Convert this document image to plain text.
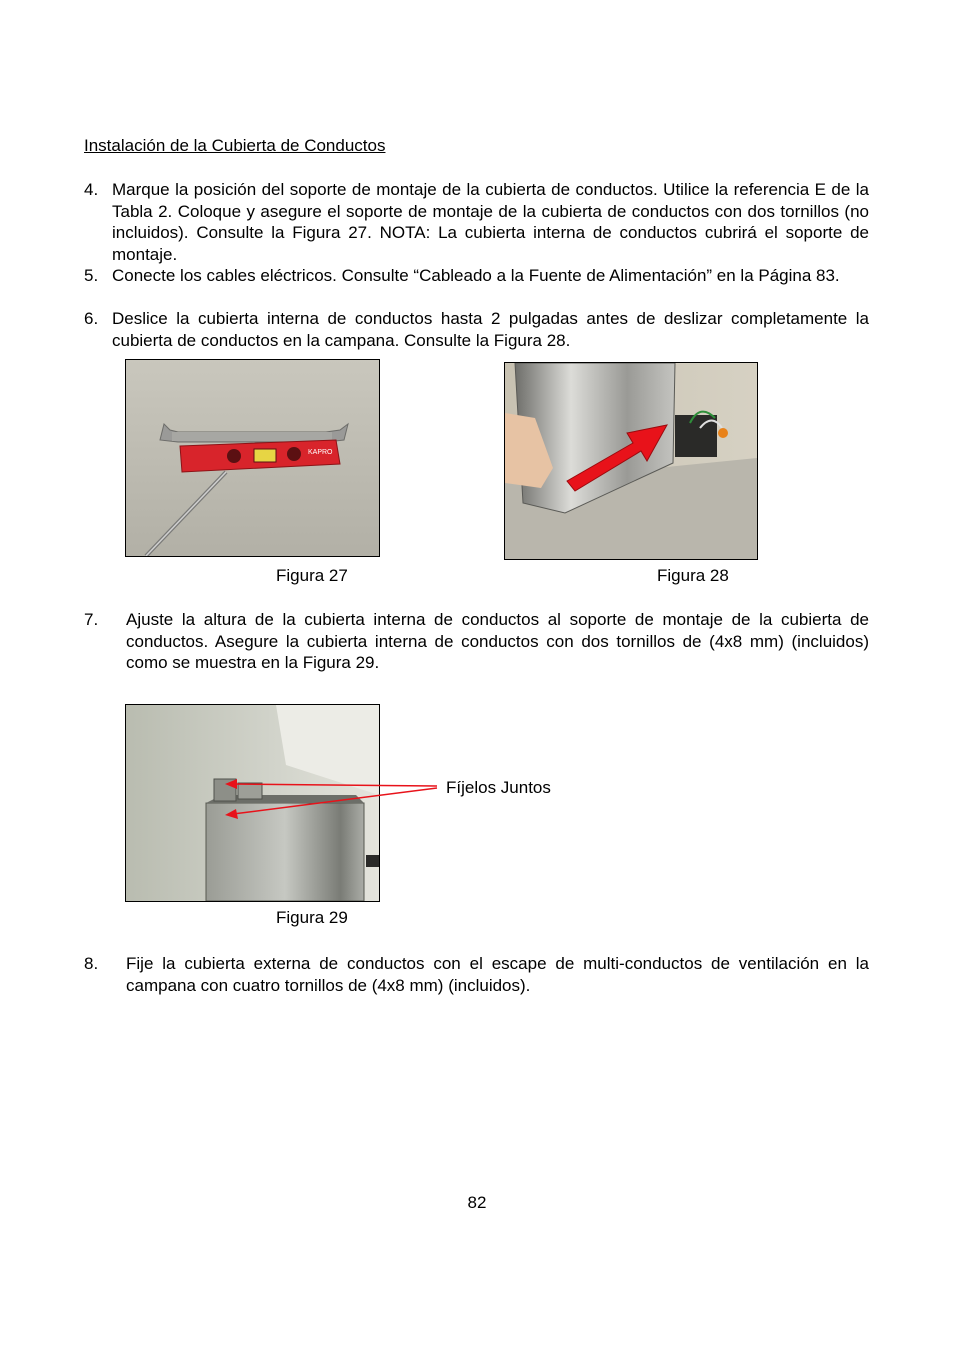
Instalación de la Cubierta de Conductos
4. Marque la posición del soporte de montaje de la cubierta de conductos. Utilice la referencia E de la Tabla 2. Coloque y asegure el soporte de montaje de la cubierta de conductos con dos tornillos (no incluidos). Consulte la Figura 27. NOTA: La cubierta interna de conductos cubrirá el soporte de montaje.
5. Conecte los cables eléctricos. Consulte “Cableado a la Fuente de Alimentación” en la Página 83.
6. Deslice la cubierta interna de conductos hasta 2 pulgadas antes de deslizar completamente la cubierta de conductos en la campana. Consulte la Figura 28.
KAPRO
Figura 27	Figura 28
7. Ajuste la altura de la cubierta interna de conductos al soporte de montaje de la cubierta de conductos. Asegure la cubierta interna de conductos con dos tornillos de (4x8 mm) (incluidos) como se muestra en la Figura 29.
Fíjelos Juntos
Figura 29
8. Fije la cubierta externa de conductos con el escape de multi-conductos de ventilación en la campana con cuatro tornillos de (4x8 mm) (incluidos).
82
